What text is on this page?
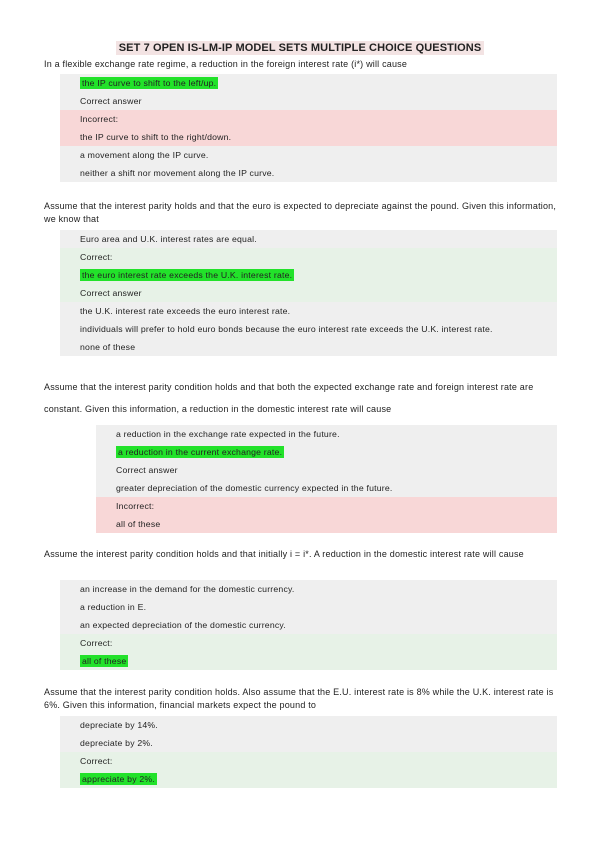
SET 7 OPEN IS-LM-IP MODEL SETS MULTIPLE CHOICE QUESTIONS
In a flexible exchange rate regime, a reduction in the foreign interest rate (i*) will cause
the IP curve to shift to the left/up.
Correct answer
Incorrect:
the IP curve to shift to the right/down.
a movement along the IP curve.
neither a shift nor movement along the IP curve.
Assume that the interest parity holds and that the euro is expected to depreciate against the pound. Given this information, we know that
Euro area and U.K. interest rates are equal.
Correct:
the euro interest rate exceeds the U.K. interest rate.
Correct answer
the U.K. interest rate exceeds the euro interest rate.
individuals will prefer to hold euro bonds because the euro interest rate exceeds the U.K. interest rate.
none of these
Assume that the interest parity condition holds and that both the expected exchange rate and foreign interest rate are constant. Given this information, a reduction in the domestic interest rate will cause
a reduction in the exchange rate expected in the future.
a reduction in the current exchange rate.
Correct answer
greater depreciation of the domestic currency expected in the future.
Incorrect:
all of these
Assume the interest parity condition holds and that initially i = i*. A reduction in the domestic interest rate will cause
an increase in the demand for the domestic currency.
a reduction in E.
an expected depreciation of the domestic currency.
Correct:
all of these
Assume that the interest parity condition holds. Also assume that the E.U. interest rate is 8% while the U.K. interest rate is 6%. Given this information, financial markets expect the pound to
depreciate by 14%.
depreciate by 2%.
Correct:
appreciate by 2%.
